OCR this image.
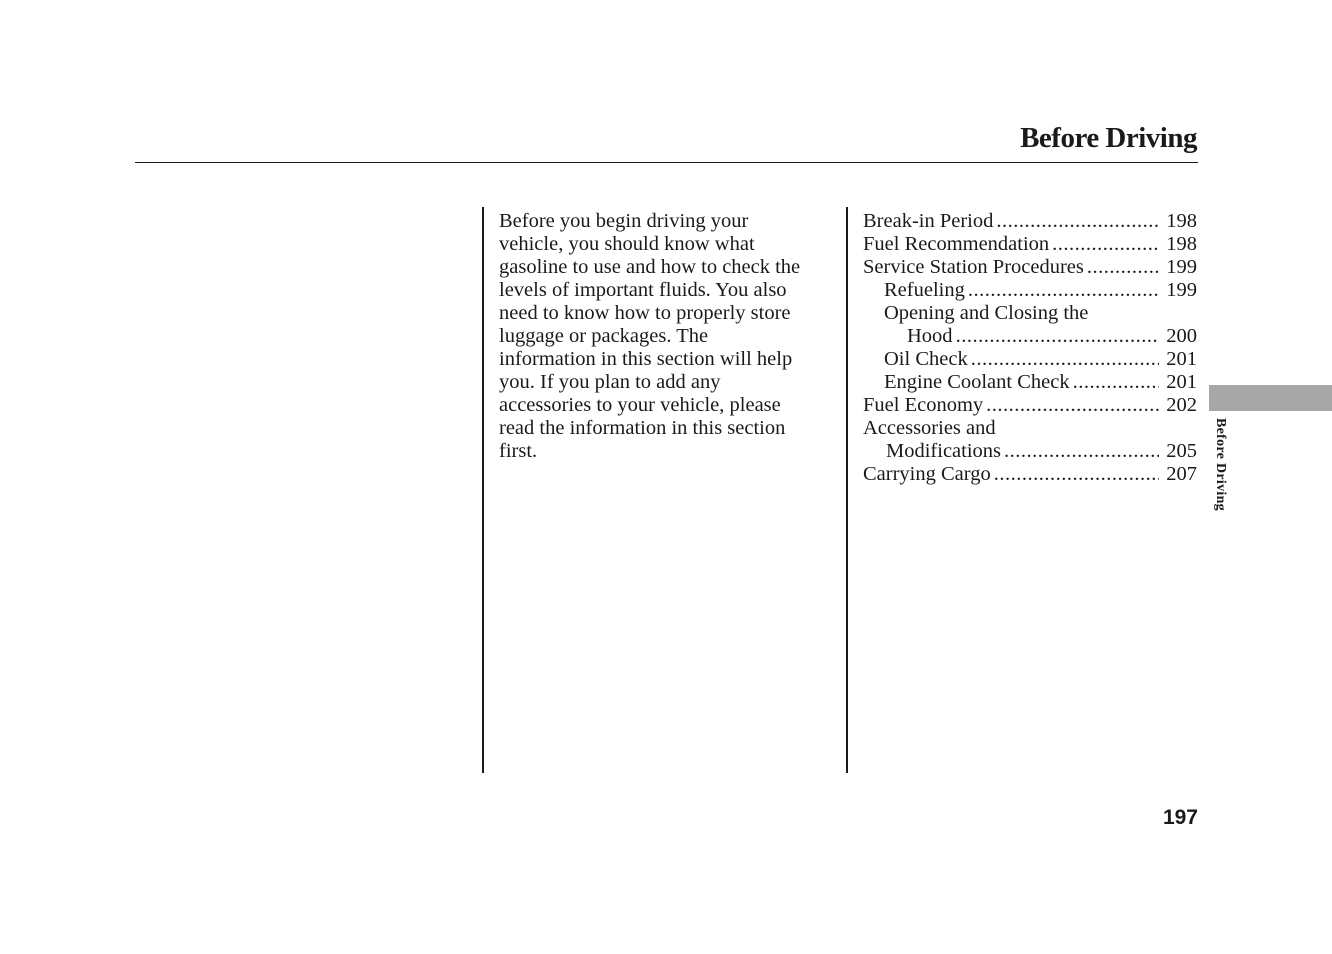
Before Driving

Before you begin driving your
vehicle, you should know what
gasoline to use and how to check the
levels of important fluids. You also
need to know how to properly store
luggage or packages. The
information in this section will help
you. If you plan to add any
accessories to your vehicle, please
read the information in this section
first.

Break-in Period .....	198
Fuel Recommendation .....	198
Service Station Procedures .....	199
Refueling .....	199
Opening and Closing the
Hood .....	200
Oil Check .....	201
Engine Coolant Check .....	201
Fuel Economy .....	202
Accessories and
Modifications .....	205
Carrying Cargo .....	207 Before Driving
197
